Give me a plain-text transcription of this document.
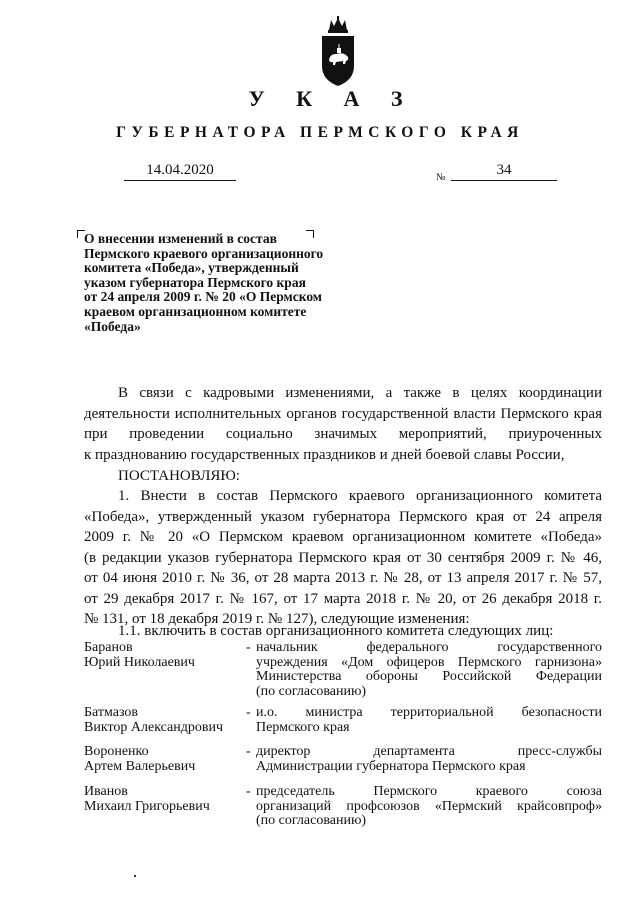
У К А З
ГУБЕРНАТОРА ПЕРМСКОГО КРАЯ
14.04.2020	№	34
О внесении изменений в состав
Пермского краевого организационного
комитета «Победа», утвержденный
указом губернатора Пермского края
от 24 апреля 2009 г. № 20 «О Пермском
краевом организационном комитете
«Победа»
В связи с кадровыми изменениями, а также в целях координации
деятельности исполнительных органов государственной власти Пермского края
при проведении социально значимых мероприятий, приуроченных
к празднованию государственных праздников и дней боевой славы России,
ПОСТАНОВЛЯЮ:
1. Внести в состав Пермского краевого организационного комитета
«Победа», утвержденный указом губернатора Пермского края от 24 апреля
2009 г. № 20 «О Пермском краевом организационном комитете «Победа»
(в редакции указов губернатора Пермского края от 30 сентября 2009 г. № 46,
от 04 июня 2010 г. № 36, от 28 марта 2013 г. № 28, от 13 апреля 2017 г. № 57,
от 29 декабря 2017 г. № 167, от 17 марта 2018 г. № 20, от 26 декабря 2018 г.
№ 131, от 18 декабря 2019 г. № 127), следующие изменения:
1.1. включить в состав организационного комитета следующих лиц:
Баранов
Юрий Николаевич
- начальник федерального государственного
учреждения «Дом офицеров Пермского гарнизона»
Министерства обороны Российской Федерации
(по согласованию)
Батмазов
Виктор Александрович
- и.о. министра территориальной безопасности
Пермского края
Вороненко
Артем Валерьевич
- директор департамента пресс-службы
Администрации губернатора Пермского края
Иванов
Михаил Григорьевич
- председатель Пермского краевого союза
организаций профсоюзов «Пермский крайсовпроф»
(по согласованию)
